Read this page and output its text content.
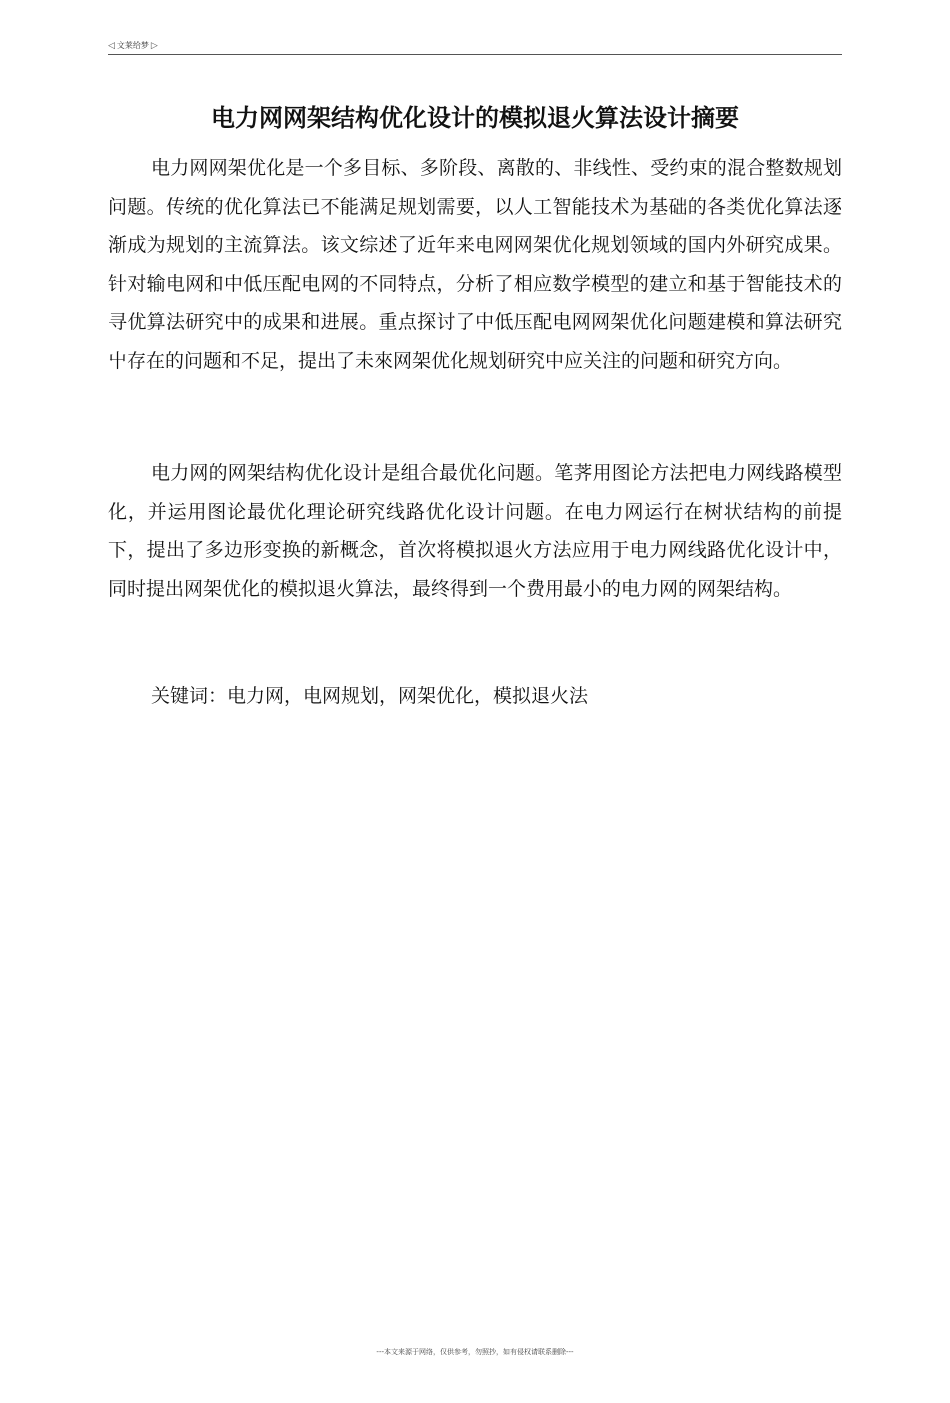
◁ 文莱给梦 ▷
电力网网架结构优化设计的模拟退火算法设计摘要

电力网网架优化是一个多目标、多阶段、离散的、非线性、受约束的混合整数规划问题。传统的优化算法已不能满足规划需要，以人工智能技术为基础的各类优化算法逐渐成为规划的主流算法。该文综述了近年来电网网架优化规划领域的国内外研究成果。针对输电网和中低压配电网的不同特点，分析了相应数学模型的建立和基于智能技术的寻优算法研究中的成果和进展。重点探讨了中低压配电网网架优化问题建模和算法研究屮存在的问题和不足，提出了未來网架优化规划研究中应关注的问题和研究方向。

电力网的网架结构优化设计是组合最优化问题。笔荠用图论方法把电力网线路模型化，并运用图论最优化理论研究线路优化设计问题。在电力网运行在树状结构的前提下，提出了多边形变换的新概念，首次将模拟退火方法应用于电力网线路优化设计中，同时提出网架优化的模拟退火算法，最终得到一个费用最小的电力网的网架结构。

关键词：电力网，电网规划，网架优化，模拟退火法
---本文来源于网络，仅供参考，勿照抄，如有侵权请联系删除---
